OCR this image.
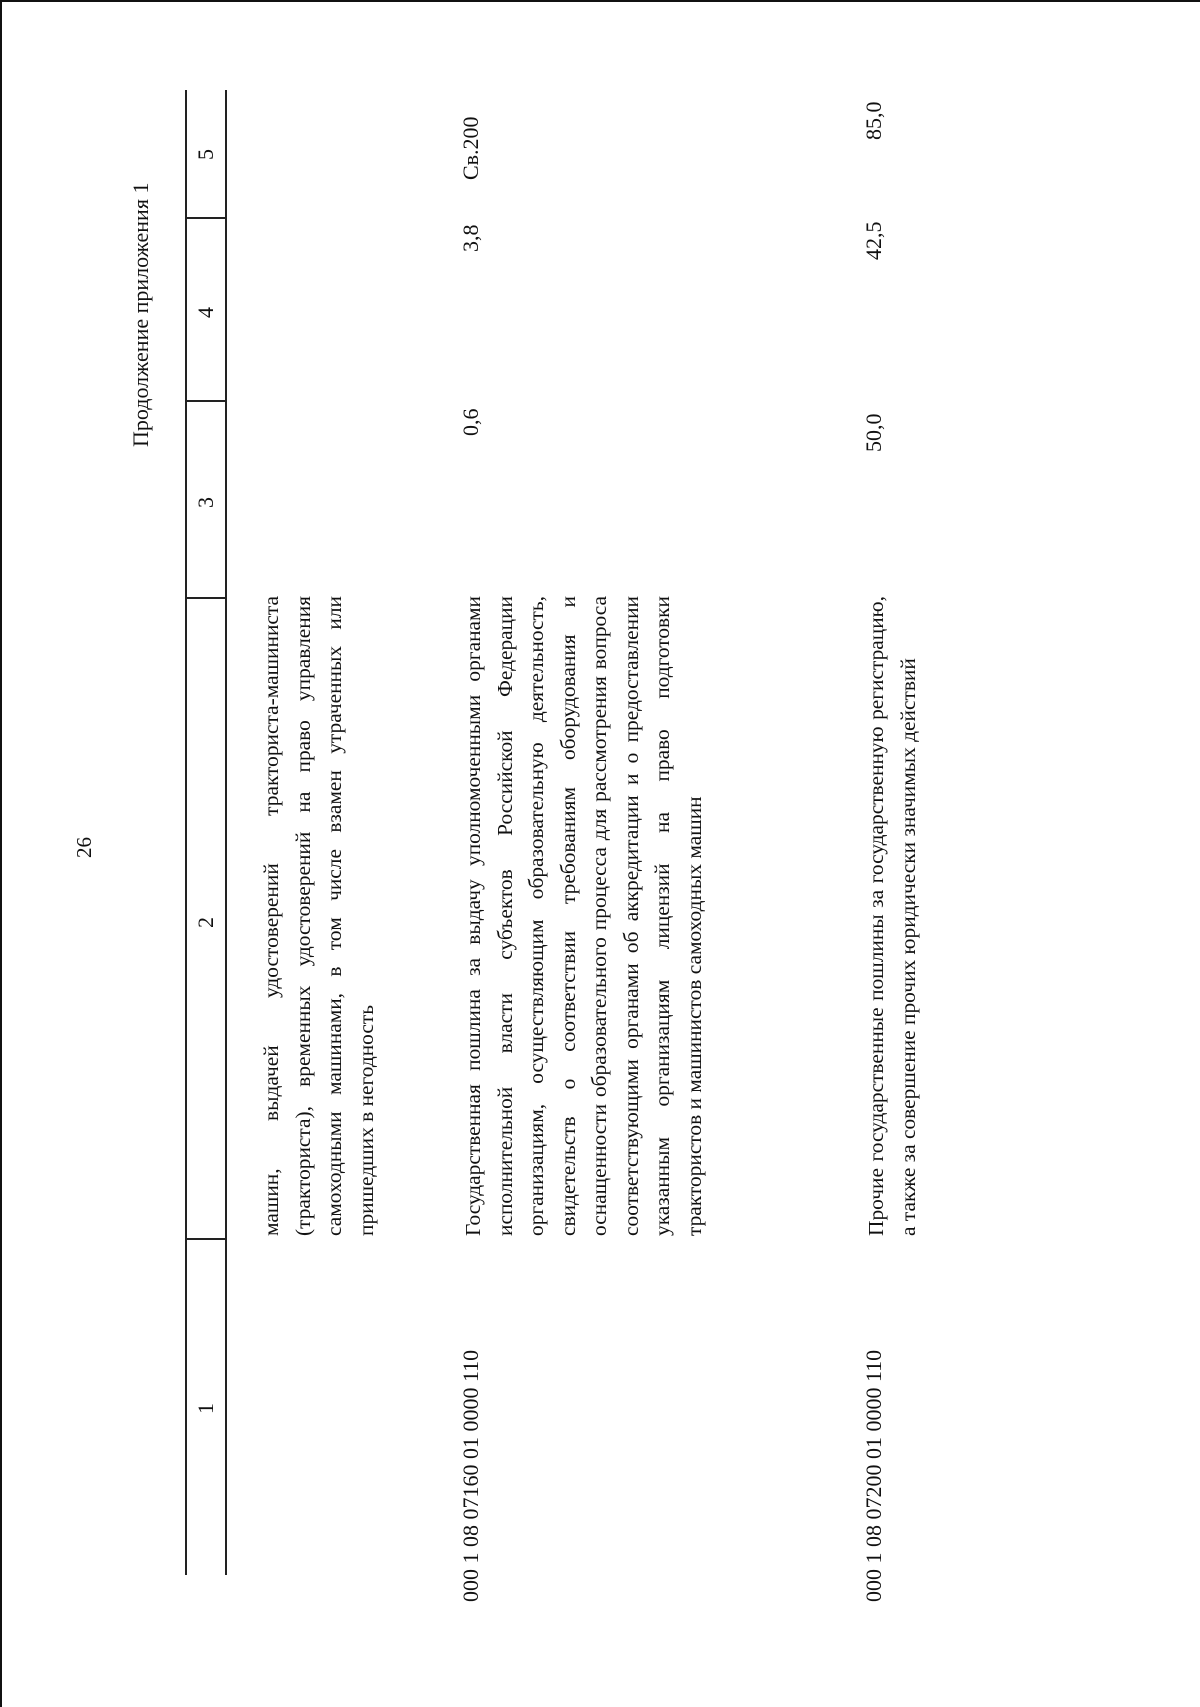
26
Продолжение приложения 1
1
2
3
4
5
машин, выдачей удостоверений тракториста-машиниста (тракториста), временных удостоверений на право управления самоходными машинами, в том числе взамен утраченных или пришедших в негодность
000 1 08 07160 01 0000 110
Государственная пошлина за выдачу уполномоченными органами исполнительной власти субъектов Российской Федерации организациям, осуществляющим образовательную деятельность, свидетельств о соответствии требованиям оборудования и оснащенности образовательного процесса для рассмотрения вопроса соответствующими органами об аккредитации и о предоставлении указанным организациям лицензий на право подготовки трактористов и машинистов самоходных машин
0,6
3,8
Св.200
000 1 08 07200 01 0000 110
Прочие государственные пошлины за государственную регистрацию, а также за совершение прочих юридически значимых действий
50,0
42,5
85,0
